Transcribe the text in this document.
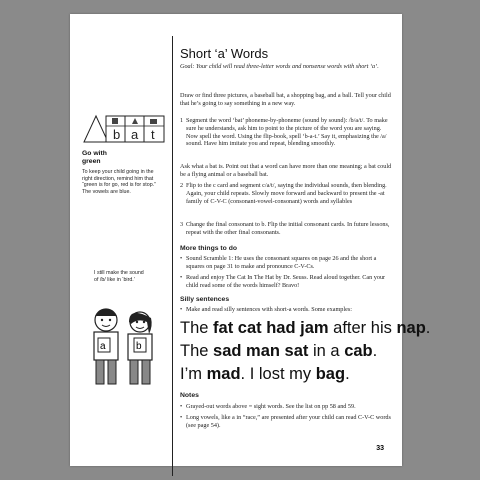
b a t
Go with green
To keep your child going in the right direction, remind him that “green is for go, red is for stop.” The vowels are blue.
I still make the sound of /b/ like in ‘bird.’
a	b
Short ‘a’ Words
Goal: Your child will read three-letter words and nonsense words with short ‘a’.
Draw or find three pictures, a baseball bat, a shopping bag, and a ball. Tell your child that he’s going to say something in a new way.
1 Segment the word ‘bat’ phoneme-by-phoneme (sound by sound): /b/a/t/. To make sure he understands, ask him to point to the picture of the word you are saying. Now spell the word. Using the flip-book, spell ‘b-a-t.’ Say it, emphasizing the /a/ sound. Have him imitate you and repeat, blending smoothly.
Ask what a bat is. Point out that a word can have more than one meaning; a bat could be a flying animal or a baseball bat.
2 Flip to the c card and segment c/a/t/, saying the individual sounds, then blending. Again, your child repeats. Slowly move forward and backward to present the -at family of C-V-C (consonant-vowel-consonant) words and syllables
3 Change the final consonant to b. Flip the initial consonant cards. In future lessons, repeat with the other final consonants.
More things to do
• Sound Scramble 1: He uses the consonant squares on page 26 and the short a squares on page 31 to make and pronounce C-V-Cs.
• Read and enjoy The Cat In The Hat by Dr. Seuss. Read aloud together. Can your child read some of the words himself? Bravo!
Silly sentences
• Make and read silly sentences with short-a words. Some examples:
The fat cat had jam after his nap.
The sad man sat in a cab.
I’m mad. I lost my bag.
Notes
• Grayed-out words above = sight words. See the list on pp 58 and 59.
• Long vowels, like a in “race,” are presented after your child can read C-V-C words (see page 54).
33
